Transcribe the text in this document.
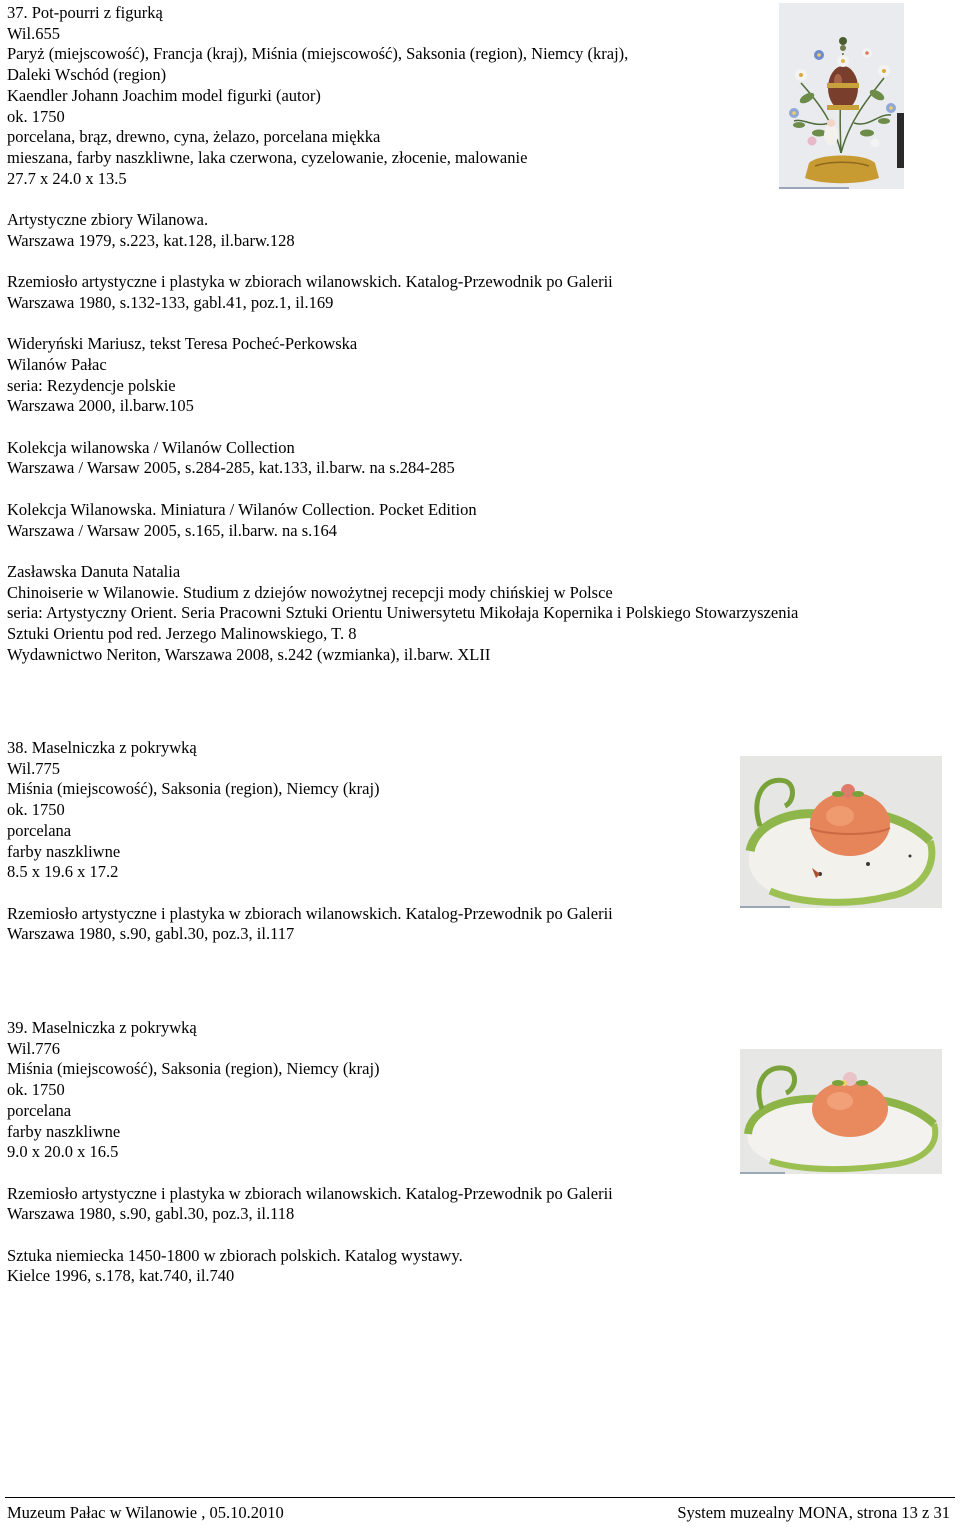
37. Pot-pourri z figurką
Wil.655
Paryż (miejscowość), Francja (kraj), Miśnia (miejscowość), Saksonia (region), Niemcy (kraj),
Daleki Wschód (region)
Kaendler Johann Joachim model figurki (autor)
ok. 1750
porcelana, brąz, drewno, cyna, żelazo, porcelana miękka
mieszana, farby naszkliwne, laka czerwona, cyzelowanie, złocenie, malowanie
27.7 x 24.0 x 13.5
Artystyczne zbiory Wilanowa.
Warszawa 1979, s.223, kat.128, il.barw.128
Rzemiosło artystyczne i plastyka w zbiorach wilanowskich. Katalog-Przewodnik po Galerii
Warszawa 1980, s.132-133, gabl.41, poz.1, il.169
Wideryński Mariusz, tekst Teresa Pocheć-Perkowska
Wilanów Pałac
seria: Rezydencje polskie
Warszawa 2000, il.barw.105
Kolekcja wilanowska / Wilanów Collection
Warszawa / Warsaw 2005, s.284-285, kat.133, il.barw. na s.284-285
Kolekcja Wilanowska. Miniatura / Wilanów Collection. Pocket Edition
Warszawa / Warsaw 2005, s.165, il.barw. na s.164
Zasławska Danuta Natalia
Chinoiserie w Wilanowie. Studium z dziejów nowożytnej recepcji mody chińskiej w Polsce
seria: Artystyczny Orient. Seria Pracowni Sztuki Orientu Uniwersytetu Mikołaja Kopernika i Polskiego Stowarzyszenia
Sztuki Orientu pod red. Jerzego Malinowskiego, T. 8
Wydawnictwo Neriton, Warszawa 2008, s.242 (wzmianka), il.barw. XLII
38. Maselniczka z pokrywką
Wil.775
Miśnia (miejscowość), Saksonia (region), Niemcy (kraj)
ok. 1750
porcelana
farby naszkliwne
8.5 x 19.6 x 17.2
Rzemiosło artystyczne i plastyka w zbiorach wilanowskich. Katalog-Przewodnik po Galerii
Warszawa 1980, s.90, gabl.30, poz.3, il.117
39. Maselniczka z pokrywką
Wil.776
Miśnia (miejscowość), Saksonia (region), Niemcy (kraj)
ok. 1750
porcelana
farby naszkliwne
9.0 x 20.0 x 16.5
Rzemiosło artystyczne i plastyka w zbiorach wilanowskich. Katalog-Przewodnik po Galerii
Warszawa 1980, s.90, gabl.30, poz.3, il.118
Sztuka niemiecka 1450-1800 w zbiorach polskich. Katalog wystawy.
Kielce 1996, s.178, kat.740, il.740
Muzeum Pałac w Wilanowie , 05.10.2010	System muzealny MONA, strona 13 z 31
